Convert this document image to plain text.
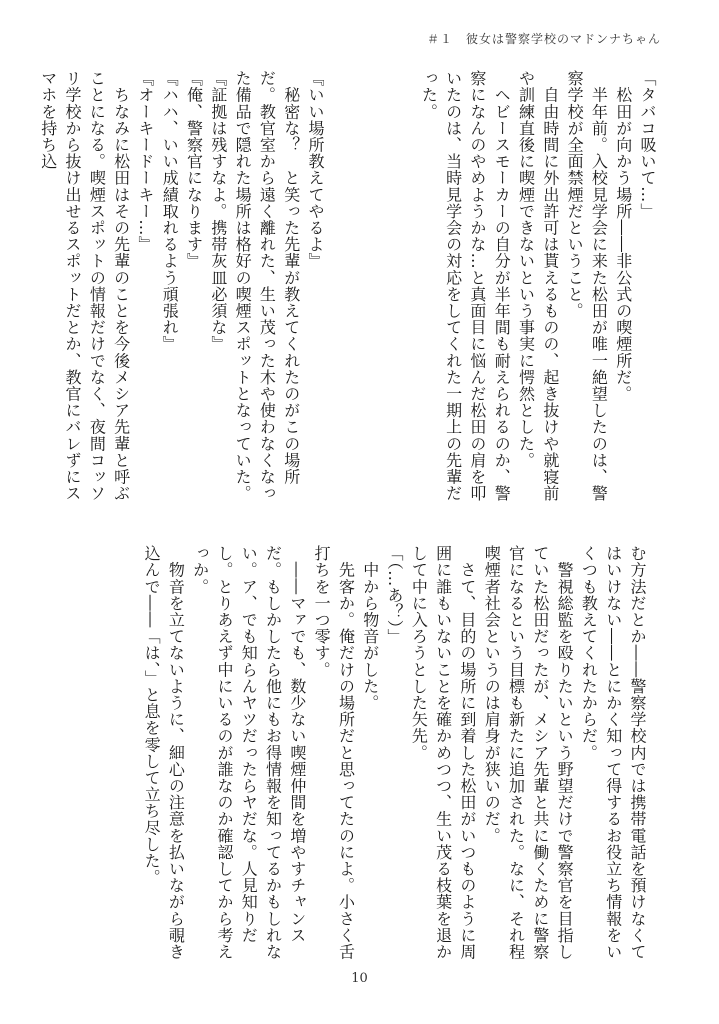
＃１　彼女は警察学校のマドンナちゃん

「タバコ吸いて…」

　松田が向かう場所――非公式の喫煙所だ。

　半年前。入校見学会に来た松田が唯一絶望したのは、警察学校が全面禁煙だということ。

　自由時間に外出許可は貰えるものの、起き抜けや就寝前や訓練直後に喫煙できないという事実に愕然とした。

　ヘビースモーカーの自分が半年間も耐えられるのか、警察になんのやめようかな…と真面目に悩んだ松田の肩を叩いたのは、当時見学会の対応をしてくれた一期上の先輩だった。

『いい場所教えてやるよ』

　秘密な？　と笑った先輩が教えてくれたのがこの場所だ。教官室から遠く離れた、生い茂った木や使わなくなった備品で隠れた場所は格好の喫煙スポットとなっていた。

『証拠は残すなよ。携帯灰皿必須な』

『俺、警察官になります』

『ハハ、いい成績取れるよう頑張れ』

『オーキードーキー…』

　ちなみに松田はその先輩のことを今後メシア先輩と呼ぶことになる。喫煙スポットの情報だけでなく、夜間コッソリ学校から抜け出せるスポットだとか、教官にバレずにスマホを持ち込

む方法だとか――警察学校内では携帯電話を預けなくてはいけない――とにかく知って得するお役立ち情報をいくつも教えてくれたからだ。

　警視総監を殴りたいという野望だけで警察官を目指していた松田だったが、メシア先輩と共に働くために警察官になるという目標も新たに追加された。なに、それ程喫煙者社会というのは肩身が狭いのだ。

　さて、目的の場所に到着した松田がいつものように周囲に誰もいないことを確かめつつ、生い茂る枝葉を退かして中に入ろうとした矢先。

「（…あ？）」

　中から物音がした。

　先客か。俺だけの場所だと思ってたのによ。小さく舌打ちを一つ零す。

　――マァでも、数少ない喫煙仲間を増やすチャンスだ。もしかしたら他にもお得情報を知ってるかもしれない。ア、でも知らんヤツだったらヤだな。人見知りだし。とりあえず中にいるのが誰なのか確認してから考えっか。

　物音を立てないように、細心の注意を払いながら覗き込んで――「は、」と息を零して立ち尽した。

10
